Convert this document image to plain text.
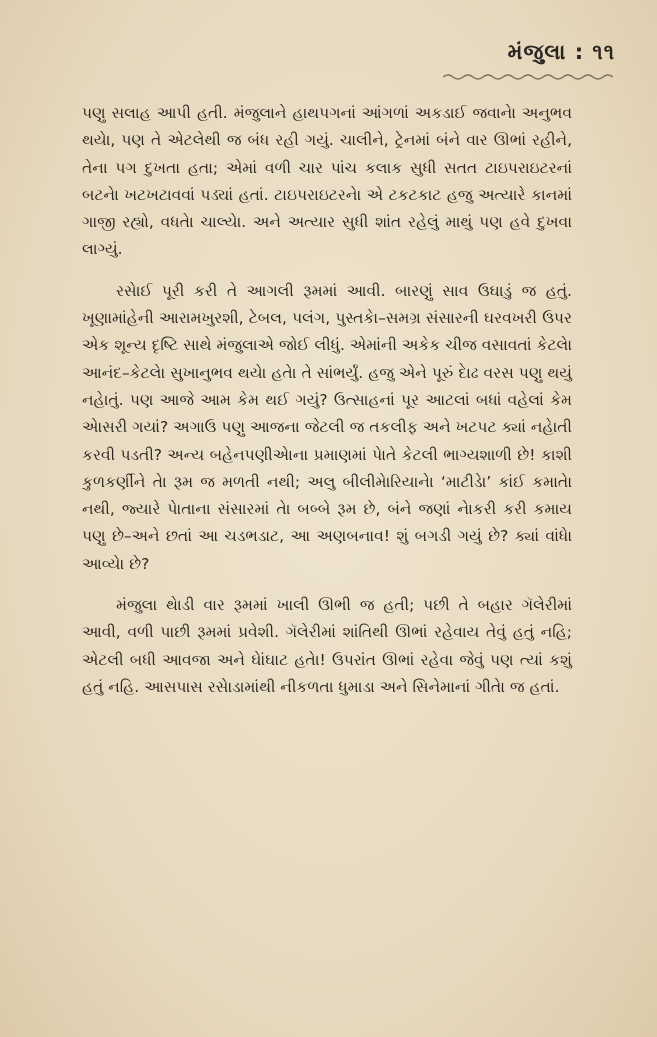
મંજુલા : ૧૧

પણુ સલાહ આપી હતી. મંજુલાને હાથપગનાં આંગળાં અકડાઈ જવાનેા અનુભવ થયેા, પણ તે એટલેથી જ બંધ રહી ગયું. ચાલીને, ટ્રેનમાં બંને વાર ઊભાં રહીને, તેના પગ દુખતા હતા; એમાં વળી ચાર પાંચ કલાક સુધી સતત ટાઇપરાઇટરનાં બટનેા ખટખટાવવાં પડ્યાં હતાં. ટાઇપરાઇટરનેા એ ટકટકાટ હજુ અત્યારે કાનમાં ગાજી રહ્યો, વધતેા ચાલ્યેા. અને અત્યાર સુધી શાંત રહેલું માથું પણ હવે દુખવા લાગ્યું.

રસેાઈ પૂરી કરી તે આગલી રૂમમાં આવી. બારણું સાવ ઉઘાડું જ હતું. ખૂણામાંહેની આરામખુરશી, ટેબલ, પલંગ, પુસ્તકેા–સમગ્ર સંસારની ઘરવખરી ઉપર એક શૂન્ય દૃષ્ટિ સાથે મંજુલાએ જોઈ લીધું. એમાંની અકેક ચીજ વસાવતાં કેટલેા આનંદ–કેટલેા સુખાનુભવ થયેા હતેા તે સાંભર્યું. હજુ એને પૂરું દેાઢ વરસ પણુ થયું નહેાતું. પણ આજે આમ કેમ થઈ ગયું? ઉત્સાહનાં પૂર આટલાં બધાં વહેલાં કેમ એાસરી ગયાં? અગાઉ પણુ આજના જેટલી જ તકલીફ અને ખટપટ ક્યાં નહેાતી કરવી પડતી? અન્ય બહેનપણીએાના પ્રમાણમાં પેાતે કેટલી ભાગ્યશાળી છે! કાશી કુળકર્ણીને તેા રૂમ જ મળતી નથી; અલુ બીલીમેારિયાનેા ‘માટીડેા’ કાંઈ કમાતેા નથી, જ્યારે પેાતાના સંસારમાં તેા બબ્બે રૂમ છે, બંને જણાં નેાકરી કરી કમાય પણુ છે–અને છતાં આ ચડભડાટ, આ અણબનાવ! શું બગડી ગયું છે? ક્યાં વાંધેા આવ્યેા છે?

મંજુલા થેાડી વાર રૂમમાં ખાલી ઊભી જ હતી; પછી તે બહાર ગૅલેરીમાં આવી, વળી પાછી રૂમમાં પ્રવેશી. ગૅલેરીમાં શાંતિથી ઊભાં રહેવાય તેવું હતું નહિ; એટલી બધી આવજા અને ઘેાંઘાટ હતેા! ઉપરાંત ઊભાં રહેવા જેવું પણ ત્યાં કશું હતું નહિ. આસપાસ રસેાડામાંથી નીકળતા ધુમાડા અને સિનેમાનાં ગીતેા જ હતાં.
